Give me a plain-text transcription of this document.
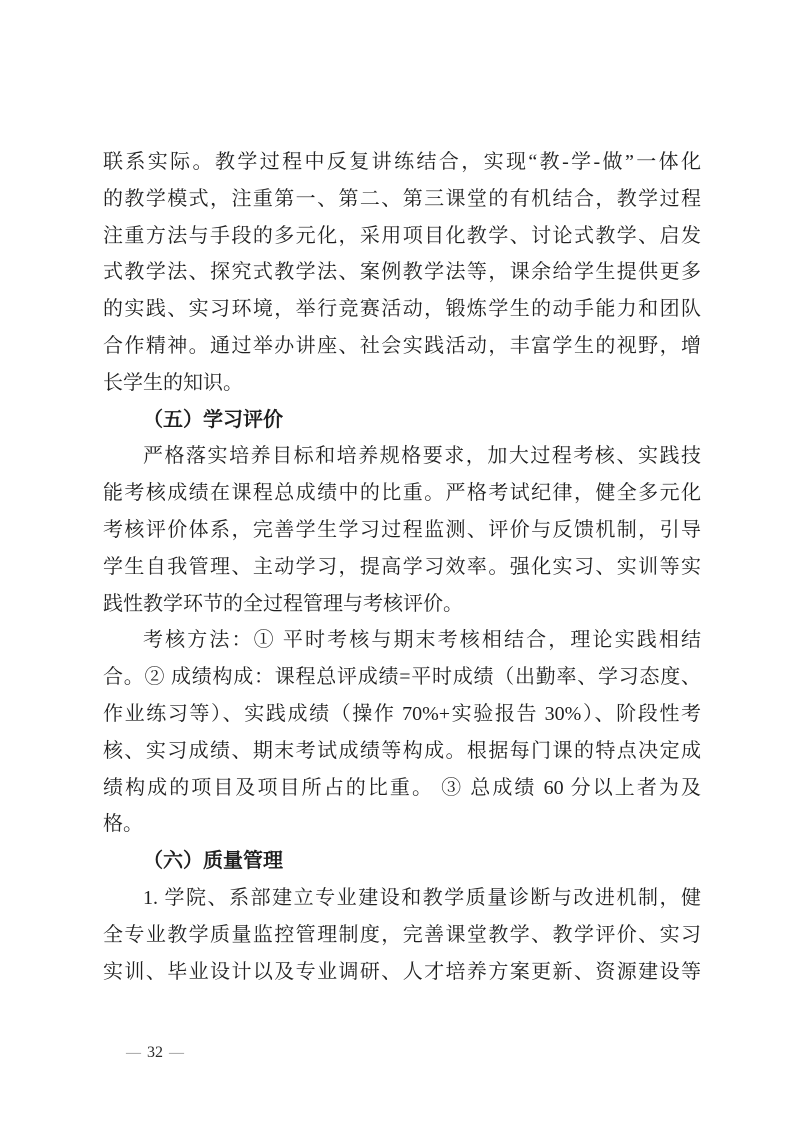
联系实际。教学过程中反复讲练结合，实现“教-学-做”一体化
的教学模式，注重第一、第二、第三课堂的有机结合，教学过程
注重方法与手段的多元化，采用项目化教学、讨论式教学、启发
式教学法、探究式教学法、案例教学法等，课余给学生提供更多
的实践、实习环境，举行竞赛活动，锻炼学生的动手能力和团队
合作精神。通过举办讲座、社会实践活动，丰富学生的视野，增
长学生的知识。
（五）学习评价
严格落实培养目标和培养规格要求，加大过程考核、实践技
能考核成绩在课程总成绩中的比重。严格考试纪律，健全多元化
考核评价体系，完善学生学习过程监测、评价与反馈机制，引导
学生自我管理、主动学习，提高学习效率。强化实习、实训等实
践性教学环节的全过程管理与考核评价。
考核方法：① 平时考核与期末考核相结合，理论实践相结
合。② 成绩构成：课程总评成绩=平时成绩（出勤率、学习态度、
作业练习等）、实践成绩（操作 70%+实验报告 30%）、阶段性考
核、实习成绩、期末考试成绩等构成。根据每门课的特点决定成
绩构成的项目及项目所占的比重。 ③ 总成绩 60 分以上者为及
格。
（六）质量管理
1. 学院、系部建立专业建设和教学质量诊断与改进机制，健
全专业教学质量监控管理制度，完善课堂教学、教学评价、实习
实训、毕业设计以及专业调研、人才培养方案更新、资源建设等
— 32 —
